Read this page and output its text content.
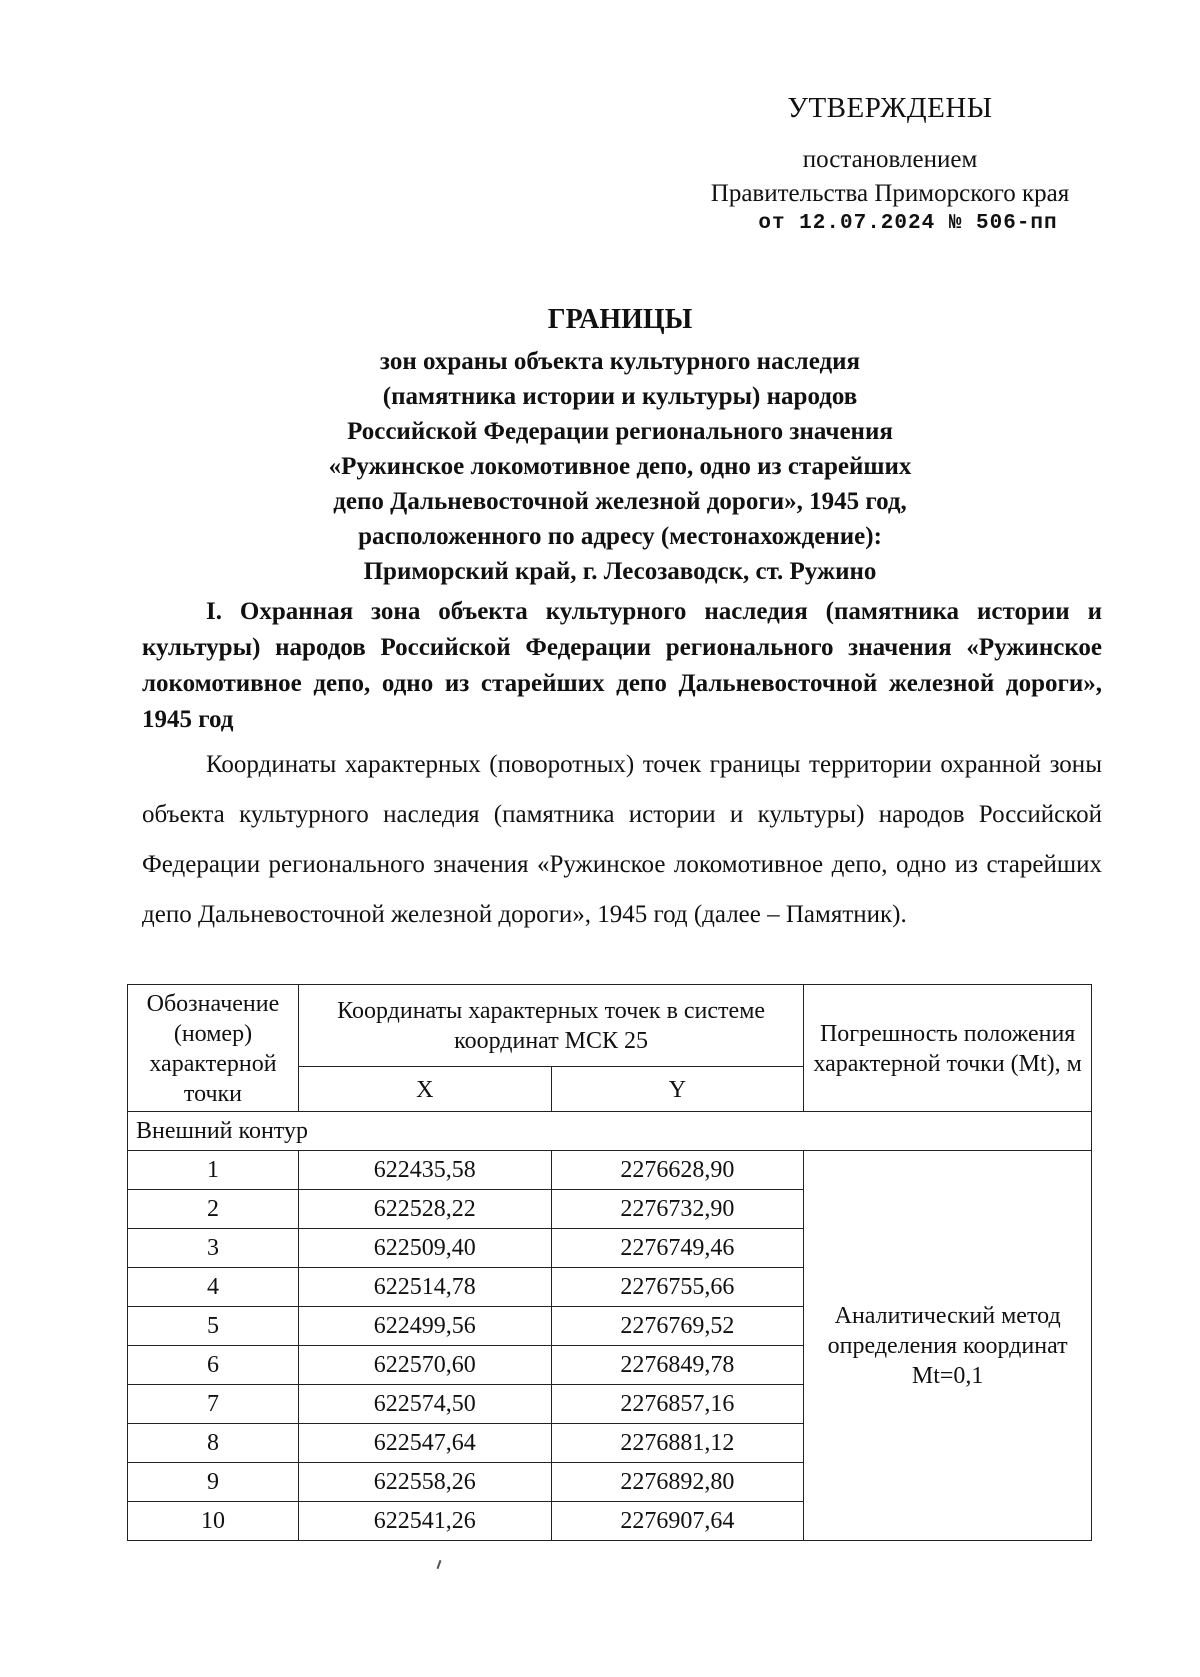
УТВЕРЖДЕНЫ
постановлением
Правительства Приморского края
от 12.07.2024 № 506-пп
ГРАНИЦЫ
зон охраны объекта культурного наследия
(памятника истории и культуры) народов
Российской Федерации регионального значения
«Ружинское локомотивное депо, одно из старейших
депо Дальневосточной железной дороги», 1945 год,
расположенного по адресу (местонахождение):
Приморский край, г. Лесозаводск, ст. Ружино
I. Охранная зона объекта культурного наследия (памятника истории и культуры) народов Российской Федерации регионального значения «Ружинское локомотивное депо, одно из старейших депо Дальневосточной железной дороги», 1945 год
Координаты характерных (поворотных) точек границы территории охранной зоны объекта культурного наследия (памятника истории и культуры) народов Российской Федерации регионального значения «Ружинское локомотивное депо, одно из старейших депо Дальневосточной железной дороги», 1945 год (далее – Памятник).
Обозначение (номер) характерной точки	Координаты характерных точек в системе координат МСК 25		Погрешность положения характерной точки (Mt), м
	X	Y	
Внешний контур			
1	622435,58	2276628,90	Аналитический метод определения координат Mt=0,1
2	622528,22	2276732,90	
3	622509,40	2276749,46	
4	622514,78	2276755,66	
5	622499,56	2276769,52	
6	622570,60	2276849,78	
7	622574,50	2276857,16	
8	622547,64	2276881,12	
9	622558,26	2276892,80	
10	622541,26	2276907,64	
